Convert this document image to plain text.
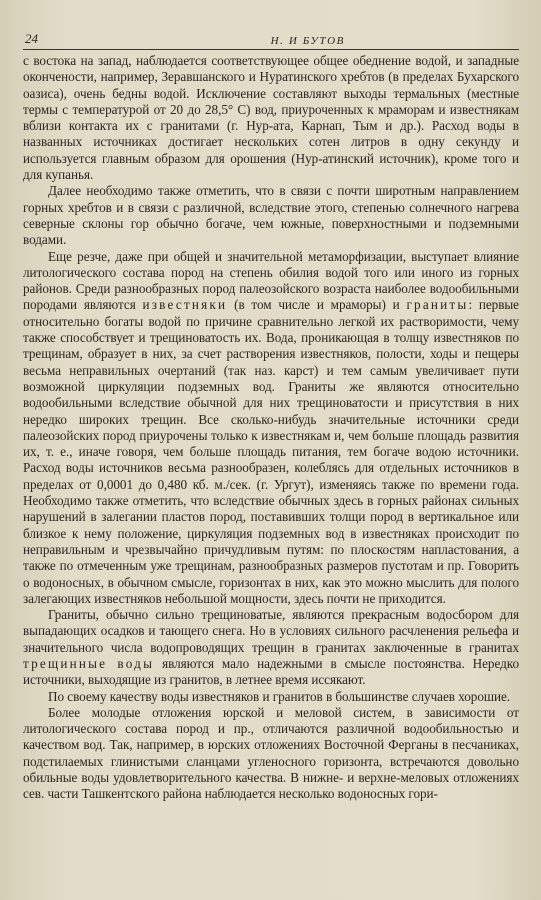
24	Н. И БУТОВ

с востока на запад, наблюдается соответствующее общее обеднение водой, и западные окончености, например, Зеравшанского и Нуратинского хребтов (в пределах Бухарского оазиса), очень бедны водой. Исключение составляют выходы термальных (местные термы с температурой от 20 до 28,5° С) вод, приуроченных к мраморам и известнякам вблизи контакта их с гранитами (г. Нур-ата, Карнап, Тым и др.). Расход воды в названных источниках достигает нескольких сотен литров в одну секунду и используется главным образом для орошения (Нур-атинский источник), кроме того и для купанья.

Далее необходимо также отметить, что в связи с почти широтным направлением горных хребтов и в связи с различной, вследствие этого, степенью солнечного нагрева северные склоны гор обычно богаче, чем южные, поверхностными и подземными водами.

Еще резче, даже при общей и значительной метаморфизации, выступает влияние литологического состава пород на степень обилия водой того или иного из горных районов. Среди разнообразных пород палеозойского возраста наиболее водообильными породами являются известняки (в том числе и мраморы) и граниты: первые относительно богаты водой по причине сравнительно легкой их растворимости, чему также способствует и трещиноватость их. Вода, проникающая в толщу известняков по трещинам, образует в них, за счет растворения известняков, полости, ходы и пещеры весьма неправильных очертаний (так наз. карст) и тем самым увеличивает пути возможной циркуляции подземных вод. Граниты же являются относительно водообильными вследствие обычной для них трещиноватости и присутствия в них нередко широких трещин. Все сколько-нибудь значительные источники среди палеозойских пород приурочены только к известнякам и, чем больше площадь развития их, т. е., иначе говоря, чем больше площадь питания, тем богаче водою источники. Расход воды источников весьма разнообразен, колеблясь для отдельных источников в пределах от 0,0001 до 0,480 кб. м./сек. (г. Ургут), изменяясь также по времени года. Необходимо также отметить, что вследствие обычных здесь в горных районах сильных нарушений в залегании пластов пород, поставивших толщи пород в вертикальное или близкое к нему положение, циркуляция подземных вод в известняках происходит по неправильным и чрезвычайно причудливым путям: по плоскостям напластования, а также по отмеченным уже трещинам, разнообразных размеров пустотам и пр. Говорить о водоносных, в обычном смысле, горизонтах в них, как это можно мыслить для полого залегающих известняков небольшой мощности, здесь почти не приходится.

Граниты, обычно сильно трещиноватые, являются прекрасным водосбором для выпадающих осадков и тающего снега. Но в условиях сильного расчленения рельефа и значительного числа водопроводящих трещин в гранитах заключенные в гранитах трещинные воды являются мало надежными в смысле постоянства. Нередко источники, выходящие из гранитов, в летнее время иссякают.

По своему качеству воды известняков и гранитов в большинстве случаев хорошие.

Более молодые отложения юрской и меловой систем, в зависимости от литологического состава пород и пр., отличаются различной водообильностью и качеством вод. Так, например, в юрских отложениях Восточной Ферганы в песчаниках, подстилаемых глинистыми сланцами угленосного горизонта, встречаются довольно обильные воды удовлетворительного качества. В нижне- и верхне-меловых отложениях сев. части Ташкентского района наблюдается несколько водоносных гори-
